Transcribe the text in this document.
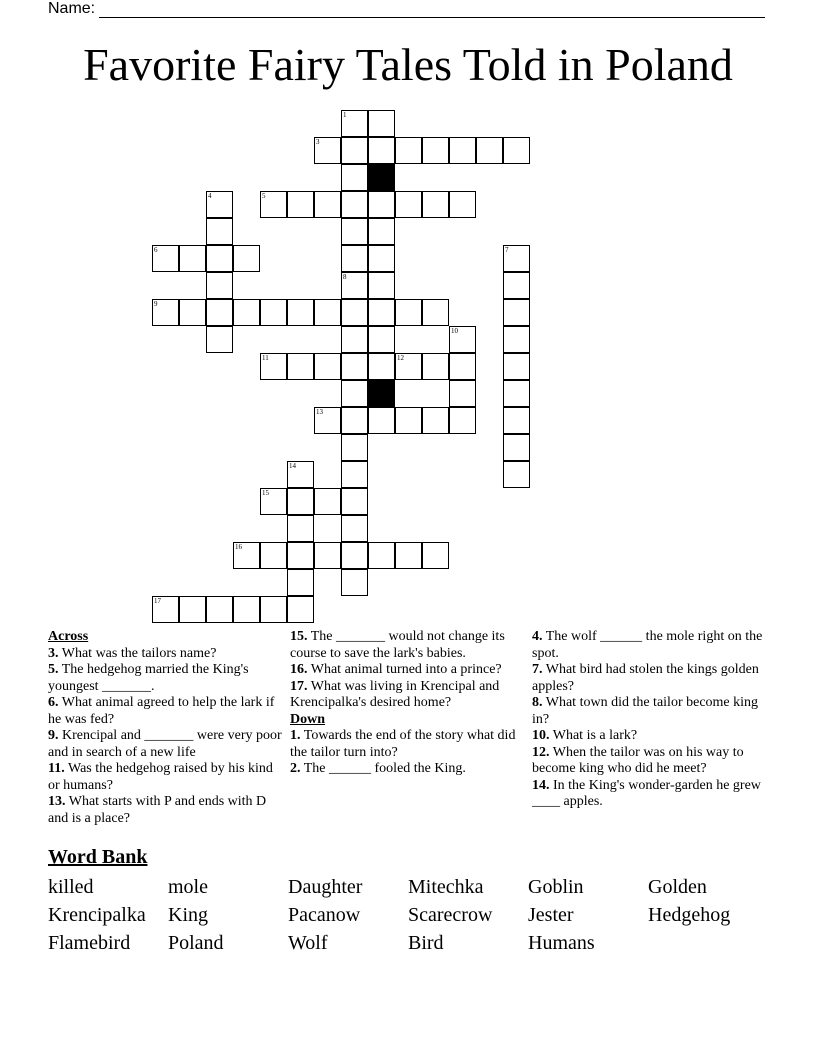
Name:
Favorite Fairy Tales Told in Poland
3
5
6
9
11	12
13
15
16
17
1
8
4
7
10
14
Across
3. What was the tailors name?
5. The hedgehog married the King's youngest _______.
6. What animal agreed to help the lark if he was fed?
9. Krencipal and _______ were very poor and in search of a new life
11. Was the hedgehog raised by his kind or humans?
13. What starts with P and ends with D and is a place?
15. The _______ would not change its course to save the lark's babies.
16. What animal turned into a prince?
17. What was living in Krencipal and Krencipalka's desired home?
Down
1. Towards the end of the story what did the tailor turn into?
2. The ______ fooled the King.
4. The wolf ______ the mole right on the spot.
7. What bird had stolen the kings golden apples?
8. What town did the tailor become king in?
10. What is a lark?
12. When the tailor was on his way to become king who did he meet?
14. In the King's wonder-garden he grew ____ apples.
Word Bank
killed	mole	Daughter	Mitechka	Goblin	Golden
Krencipalka	King	Pacanow	Scarecrow	Jester	Hedgehog
Flamebird	Poland	Wolf	Bird	Humans
